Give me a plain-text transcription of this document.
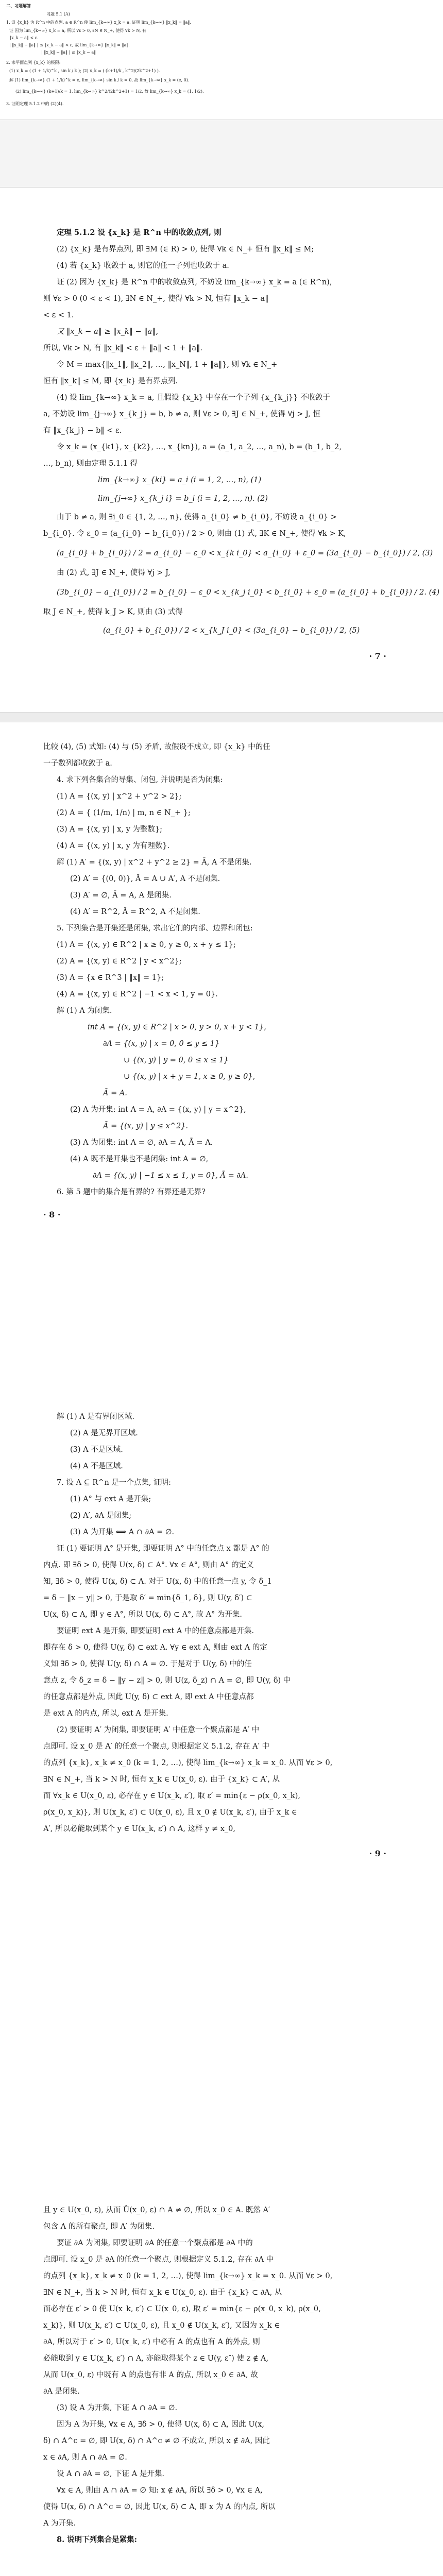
二、习题解答
习题 5.1 (A)
1. 设 {x_k} 为 R^n 中的点列, a ∈ R^n 使 lim_{k→∞} x_k = a. 证明 lim_{k→∞} ‖x_k‖ = ‖a‖.
证 因为 lim_{k→∞} x_k = a, 所以 ∀ε > 0, ∃N ∈ N_+, 使得 ∀k > N, 有
‖x_k − a‖ < ε.
| ‖x_k‖ − ‖a‖ | ≤ ‖x_k − a‖ < ε, 故 lim_{k→∞} ‖x_k‖ = ‖a‖.
| ‖x_k‖ − ‖a‖ | ≤ ‖x_k − a‖
2. 求平面点列 {x_k} 的极限:
(1) x_k = ( (1 + 1/k)^k , sin k / k ); (2) x_k = ( (k+1)/k , k^2/(2k^2+1) ).
解 (1) lim_{k→∞} (1 + 1/k)^k = e, lim_{k→∞} sin k / k = 0, 故 lim_{k→∞} x_k = (e, 0).
(2) lim_{k→∞} (k+1)/k = 1, lim_{k→∞} k^2/(2k^2+1) = 1/2, 故 lim_{k→∞} x_k = (1, 1/2).
3. 证明定理 5.1.2 中的 (2)(4).
定理 5.1.2 设 {x_k} 是 R^n 中的收敛点列, 则
(2) {x_k} 是有界点列, 即 ∃M (∈ R) > 0, 使得 ∀k ∈ N_+ 恒有 ‖x_k‖ ≤ M;
(4) 若 {x_k} 收敛于 a, 则它的任一子列也收敛于 a.
证 (2) 因为 {x_k} 是 R^n 中的收敛点列, 不妨设 lim_{k→∞} x_k = a (∈ R^n),
则 ∀ε > 0 (0 < ε < 1), ∃N ∈ N_+, 使得 ∀k > N, 恒有 ‖x_k − a‖
< ε < 1.
又 ‖x_k − a‖ ≥ ‖x_k‖ − ‖a‖,
所以, ∀k > N, 有 ‖x_k‖ < ε + ‖a‖ < 1 + ‖a‖.
令 M = max{‖x_1‖, ‖x_2‖, …, ‖x_N‖, 1 + ‖a‖}, 则 ∀k ∈ N_+
恒有 ‖x_k‖ ≤ M, 即 {x_k} 是有界点列.
(4) 设 lim_{k→∞} x_k = a, 且假设 {x_k} 中存在一个子列 {x_{k_j}} 不收敛于
a, 不妨设 lim_{j→∞} x_{k_j} = b, b ≠ a, 则 ∀ε > 0, ∃J ∈ N_+, 使得 ∀j > J, 恒
有 ‖x_{k_j} − b‖ < ε.
令 x_k = (x_{k1}, x_{k2}, …, x_{kn}), a = (a_1, a_2, …, a_n), b = (b_1, b_2,
…, b_n), 则由定理 5.1.1 得
lim_{k→∞} x_{ki} = a_i (i = 1, 2, …, n), (1)
lim_{j→∞} x_{k_j i} = b_i (i = 1, 2, …, n). (2)
由于 b ≠ a, 则 ∃i_0 ∈ {1, 2, …, n}, 使得 a_{i_0} ≠ b_{i_0}, 不妨设 a_{i_0} >
b_{i_0}. 令 ε_0 = (a_{i_0} − b_{i_0}) / 2 > 0, 则由 (1) 式, ∃K ∈ N_+, 使得 ∀k > K,
(a_{i_0} + b_{i_0}) / 2 = a_{i_0} − ε_0 < x_{k i_0} < a_{i_0} + ε_0 = (3a_{i_0} − b_{i_0}) / 2, (3)
由 (2) 式, ∃J ∈ N_+, 使得 ∀j > J,
(3b_{i_0} − a_{i_0}) / 2 = b_{i_0} − ε_0 < x_{k_j i_0} < b_{i_0} + ε_0 = (a_{i_0} + b_{i_0}) / 2. (4)
取 J ∈ N_+, 使得 k_J > K, 则由 (3) 式得
(a_{i_0} + b_{i_0}) / 2 < x_{k_J i_0} < (3a_{i_0} − b_{i_0}) / 2, (5)
· 7 ·
比较 (4), (5) 式知: (4) 与 (5) 矛盾, 故假设不成立, 即 {x_k} 中的任
一子数列都收敛于 a.
4. 求下列各集合的导集、闭包, 并说明是否为闭集:
(1) A = {(x, y) | x^2 + y^2 > 2};
(2) A = { (1/m, 1/n) | m, n ∈ N_+ };
(3) A = {(x, y) | x, y 为整数};
(4) A = {(x, y) | x, y 为有理数}.
解 (1) A′ = {(x, y) | x^2 + y^2 ≥ 2} = Ā, A 不是闭集.
(2) A′ = {(0, 0)}, Ā = A ∪ A′, A 不是闭集.
(3) A′ = ∅, Ā = A, A 是闭集.
(4) A′ = R^2, Ā = R^2, A 不是闭集.
5. 下列集合是开集还是闭集, 求出它们的内部、边界和闭包:
(1) A = {(x, y) ∈ R^2 | x ≥ 0, y ≥ 0, x + y ≤ 1};
(2) A = {(x, y) ∈ R^2 | y < x^2};
(3) A = {x ∈ R^3 | ‖x‖ = 1};
(4) A = {(x, y) ∈ R^2 | −1 < x < 1, y = 0}.
解 (1) A 为闭集.
int A = {(x, y) ∈ R^2 | x > 0, y > 0, x + y < 1},
∂A = {(x, y) | x = 0, 0 ≤ y ≤ 1}
∪ {(x, y) | y = 0, 0 ≤ x ≤ 1}
∪ {(x, y) | x + y = 1, x ≥ 0, y ≥ 0},
Ā = A.
(2) A 为开集: int A = A, ∂A = {(x, y) | y = x^2},
Ā = {(x, y) | y ≤ x^2}.
(3) A 为闭集: int A = ∅, ∂A = A, Ā = A.
(4) A 既不是开集也不是闭集: int A = ∅,
∂A = {(x, y) | −1 ≤ x ≤ 1, y = 0}, Ā = ∂A.
6. 第 5 题中的集合是有界的? 有界还是无界?
· 8 ·
解 (1) A 是有界闭区域.
(2) A 是无界开区域.
(3) A 不是区域.
(4) A 不是区域.
7. 设 A ⊆ R^n 是一个点集, 证明:
(1) A° 与 ext A 是开集;
(2) A′, ∂A 是闭集;
(3) A 为开集 ⟺ A ∩ ∂A = ∅.
证 (1) 要证明 A° 是开集, 即要证明 A° 中的任意点 x 都是 A° 的
内点. 即 ∃δ > 0, 使得 U(x, δ) ⊂ A°. ∀x ∈ A°, 则由 A° 的定义
知, ∃δ > 0, 使得 U(x, δ) ⊂ A. 对于 U(x, δ) 中的任意一点 y, 令 δ_1
= δ − ‖x − y‖ > 0, 于是取 δ′ = min{δ_1, δ}, 则 U(y, δ′) ⊂
U(x, δ) ⊂ A, 即 y ∈ A°, 所以 U(x, δ) ⊂ A°, 故 A° 为开集.
要证明 ext A 是开集, 即要证明 ext A 中的任意点都是开集.
即存在 δ > 0, 使得 U(y, δ) ⊂ ext A. ∀y ∈ ext A, 则由 ext A 的定
义知 ∃δ > 0, 使得 U(y, δ) ∩ A = ∅. 于是对于 U(y, δ) 中的任
意点 z, 令 δ_z = δ − ‖y − z‖ > 0, 则 U(z, δ_z) ∩ A = ∅, 即 U(y, δ) 中
的任意点都是外点, 因此 U(y, δ) ⊂ ext A, 即 ext A 中任意点都
是 ext A 的内点, 所以, ext A 是开集.
(2) 要证明 A′ 为闭集, 即要证明 A′ 中任意一个聚点都是 A′ 中
点即可. 设 x_0 是 A′ 的任意一个聚点, 则根据定义 5.1.2, 存在 A′ 中
的点列 {x_k}, x_k ≠ x_0 (k = 1, 2, …), 使得 lim_{k→∞} x_k = x_0. 从而 ∀ε > 0,
∃N ∈ N_+, 当 k > N 时, 恒有 x_k ∈ U(x_0, ε). 由于 {x_k} ⊂ A′, 从
而 ∀x_k ∈ U(x_0, ε), 必存在 y ∈ U(x_k, ε′), 取 ε′ = min{ε − ρ(x_0, x_k),
ρ(x_0, x_k)}, 则 U(x_k, ε′) ⊂ U(x_0, ε), 且 x_0 ∉ U(x_k, ε′), 由于 x_k ∈
A′, 所以必能取到某个 y ∈ U(x_k, ε′) ∩ A, 这样 y ≠ x_0,
· 9 ·
且 y ∈ U(x_0, ε), 从而 Ů(x_0, ε) ∩ A ≠ ∅, 所以 x_0 ∈ A. 既然 A′
包含 A 的所有聚点, 即 A′ 为闭集.
要证 ∂A 为闭集, 即要证明 ∂A 的任意一个聚点都是 ∂A 中的
点即可. 设 x_0 是 ∂A 的任意一个聚点, 则根据定义 5.1.2, 存在 ∂A 中
的点列 {x_k}, x_k ≠ x_0 (k = 1, 2, …), 使得 lim_{k→∞} x_k = x_0. 从而 ∀ε > 0,
∃N ∈ N_+, 当 k > N 时, 恒有 x_k ∈ U(x_0, ε). 由于 {x_k} ⊂ ∂A, 从
而必存在 ε′ > 0 使 U(x_k, ε′) ⊂ U(x_0, ε), 取 ε′ = min{ε − ρ(x_0, x_k), ρ(x_0,
x_k)}, 则 U(x_k, ε′) ⊂ U(x_0, ε), 且 x_0 ∉ U(x_k, ε′), 又因为 x_k ∈
∂A, 所以对于 ε′ > 0, U(x_k, ε′) 中必有 A 的点也有 A 的外点, 则
必能取到 y ∈ U(x_k, ε′) ∩ A, 亦能取得某个 z ∈ U(y, ε″) 使 z ∉ A,
从而 U(x_0, ε) 中既有 A 的点也有非 A 的点, 所以 x_0 ∈ ∂A, 故
∂A 是闭集.
(3) 设 A 为开集, 下证 A ∩ ∂A = ∅.
因为 A 为开集, ∀x ∈ A, ∃δ > 0, 使得 U(x, δ) ⊂ A, 因此 U(x,
δ) ∩ A^c = ∅, 即 U(x, δ) ∩ A^c ≠ ∅ 不成立, 所以 x ∉ ∂A, 因此
x ∈ ∂A, 则 A ∩ ∂A = ∅.
设 A ∩ ∂A = ∅, 下证 A 是开集.
∀x ∈ A, 则由 A ∩ ∂A = ∅ 知: x ∉ ∂A, 所以 ∃δ > 0, ∀x ∈ A,
使得 U(x, δ) ∩ A^c = ∅, 因此 U(x, δ) ⊂ A, 即 x 为 A 的内点, 所以
A 为开集.
8. 说明下列集合是紧集:
